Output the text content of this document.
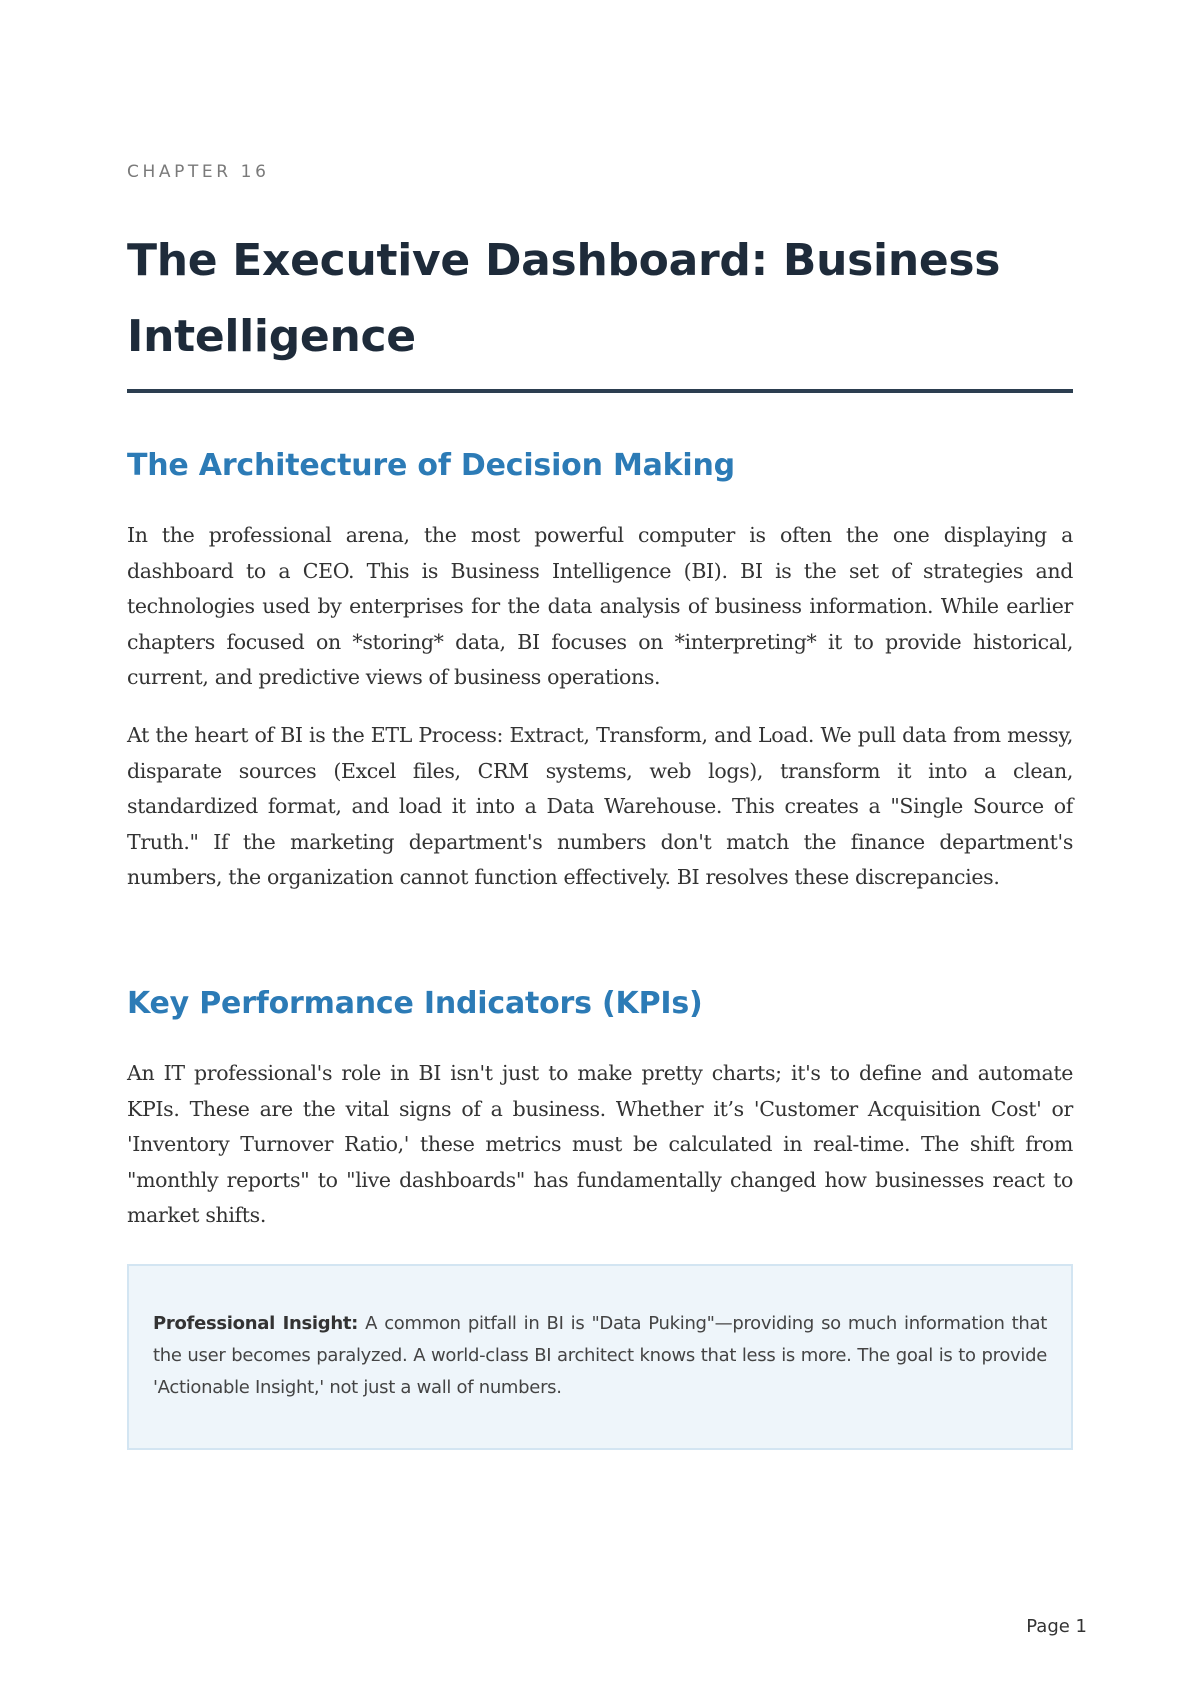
CHAPTER 16
The Executive Dashboard: Business Intelligence
The Architecture of Decision Making

In the professional arena, the most powerful computer is often the one displaying a dashboard to a CEO. This is Business Intelligence (BI). BI is the set of strategies and technologies used by enterprises for the data analysis of business information. While earlier chapters focused on *storing* data, BI focuses on *interpreting* it to provide historical, current, and predictive views of business operations.

At the heart of BI is the ETL Process: Extract, Transform, and Load. We pull data from messy, disparate sources (Excel files, CRM systems, web logs), transform it into a clean, standardized format, and load it into a Data Warehouse. This creates a "Single Source of Truth." If the marketing department's numbers don't match the finance department's numbers, the organization cannot function effectively. BI resolves these discrepancies.

Key Performance Indicators (KPIs)

An IT professional's role in BI isn't just to make pretty charts; it's to define and automate KPIs. These are the vital signs of a business. Whether it’s 'Customer Acquisition Cost' or 'Inventory Turnover Ratio,' these metrics must be calculated in real-time. The shift from "monthly reports" to "live dashboards" has fundamentally changed how businesses react to market shifts.

Professional Insight: A common pitfall in BI is "Data Puking"—providing so much information that the user becomes paralyzed. A world-class BI architect knows that less is more. The goal is to provide 'Actionable Insight,' not just a wall of numbers.

Page 1
